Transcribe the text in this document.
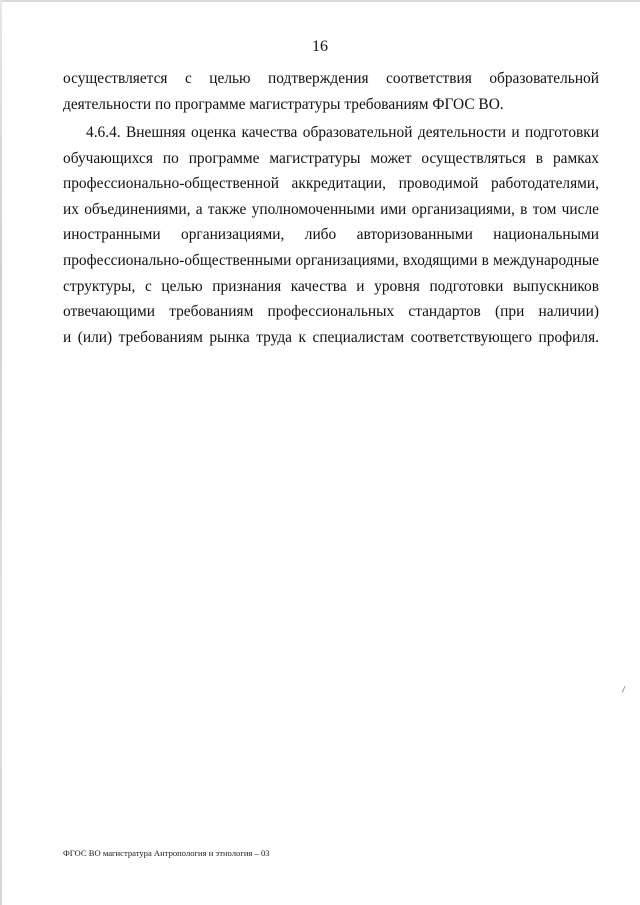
16
осуществляется с целью подтверждения соответствия образовательной
деятельности по программе магистратуры требованиям ФГОС ВО.
4.6.4. Внешняя оценка качества образовательной деятельности и подготовки
обучающихся по программе магистратуры может осуществляться в рамках
профессионально-общественной аккредитации, проводимой работодателями,
их объединениями, а также уполномоченными ими организациями, в том числе
иностранными организациями, либо авторизованными национальными
профессионально-общественными организациями, входящими в международные
структуры, с целью признания качества и уровня подготовки выпускников
отвечающими требованиям профессиональных стандартов (при наличии)
и (или) требованиям рынка труда к специалистам соответствующего профиля.
ФГОС ВО магистратура Антропология и этнология – 03
